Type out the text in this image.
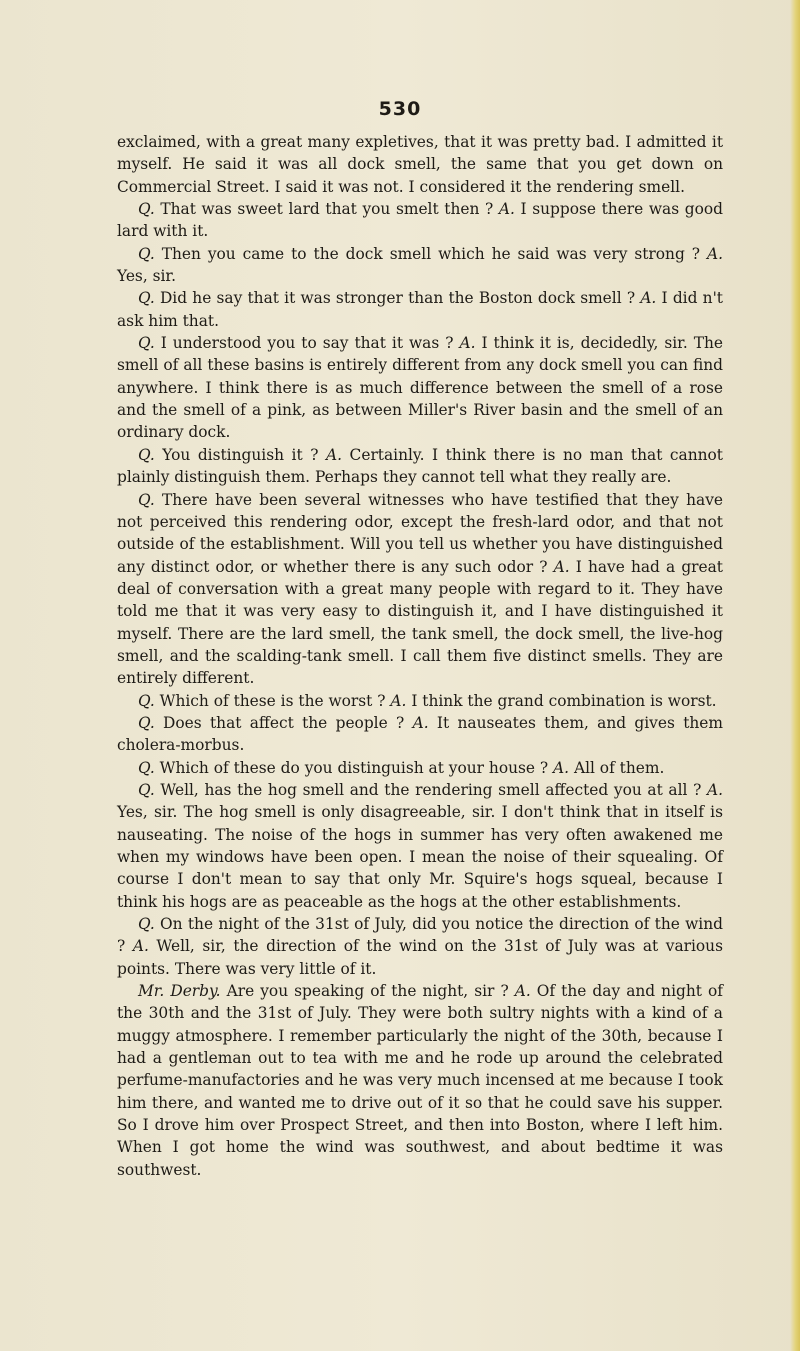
530

exclaimed, with a great many expletives, that it was pretty bad. I admitted it myself. He said it was all dock smell, the same that you get down on Commercial Street. I said it was not. I considered it the rendering smell.

Q. That was sweet lard that you smelt then ? A. I suppose there was good lard with it.

Q. Then you came to the dock smell which he said was very strong ? A. Yes, sir.

Q. Did he say that it was stronger than the Boston dock smell ? A. I did n't ask him that.

Q. I understood you to say that it was ? A. I think it is, decidedly, sir. The smell of all these basins is entirely different from any dock smell you can find anywhere. I think there is as much difference between the smell of a rose and the smell of a pink, as between Miller's River basin and the smell of an ordinary dock.

Q. You distinguish it ? A. Certainly. I think there is no man that cannot plainly distinguish them. Perhaps they cannot tell what they really are.

Q. There have been several witnesses who have testified that they have not perceived this rendering odor, except the fresh-lard odor, and that not outside of the establishment. Will you tell us whether you have distinguished any distinct odor, or whether there is any such odor ? A. I have had a great deal of conversation with a great many people with regard to it. They have told me that it was very easy to distinguish it, and I have distinguished it myself. There are the lard smell, the tank smell, the dock smell, the live-hog smell, and the scalding-tank smell. I call them five distinct smells. They are entirely different.

Q. Which of these is the worst ? A. I think the grand combination is worst.

Q. Does that affect the people ? A. It nauseates them, and gives them cholera-morbus.

Q. Which of these do you distinguish at your house ? A. All of them.

Q. Well, has the hog smell and the rendering smell affected you at all ? A. Yes, sir. The hog smell is only disagreeable, sir. I don't think that in itself is nauseating. The noise of the hogs in summer has very often awakened me when my windows have been open. I mean the noise of their squealing. Of course I don't mean to say that only Mr. Squire's hogs squeal, because I think his hogs are as peaceable as the hogs at the other establishments.

Q. On the night of the 31st of July, did you notice the direction of the wind ? A. Well, sir, the direction of the wind on the 31st of July was at various points. There was very little of it.

Mr. Derby. Are you speaking of the night, sir ? A. Of the day and night of the 30th and the 31st of July. They were both sultry nights with a kind of a muggy atmosphere. I remember particularly the night of the 30th, because I had a gentleman out to tea with me and he rode up around the celebrated perfume-manufactories and he was very much incensed at me because I took him there, and wanted me to drive out of it so that he could save his supper. So I drove him over Prospect Street, and then into Boston, where I left him. When I got home the wind was southwest, and about bedtime it was southwest.
